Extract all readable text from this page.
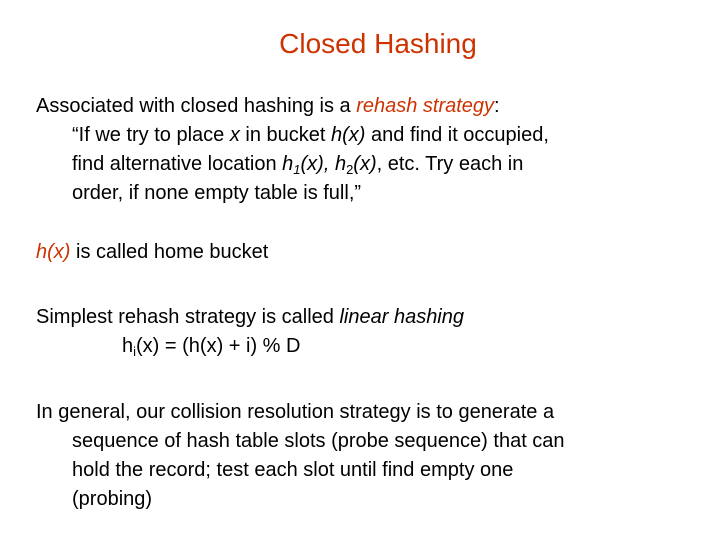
Closed Hashing
Associated with closed hashing is a rehash strategy:
“If we try to place x in bucket h(x) and find it occupied,
find alternative location $h_1(x)$, $h_2(x)$, etc. Try each in
order, if none empty table is full,”
h(x) is called home bucket
Simplest rehash strategy is called linear hashing
$h_i(x) = (h(x) + i)$ % D
In general, our collision resolution strategy is to generate a
sequence of hash table slots (probe sequence) that can
hold the record; test each slot until find empty one
(probing)
